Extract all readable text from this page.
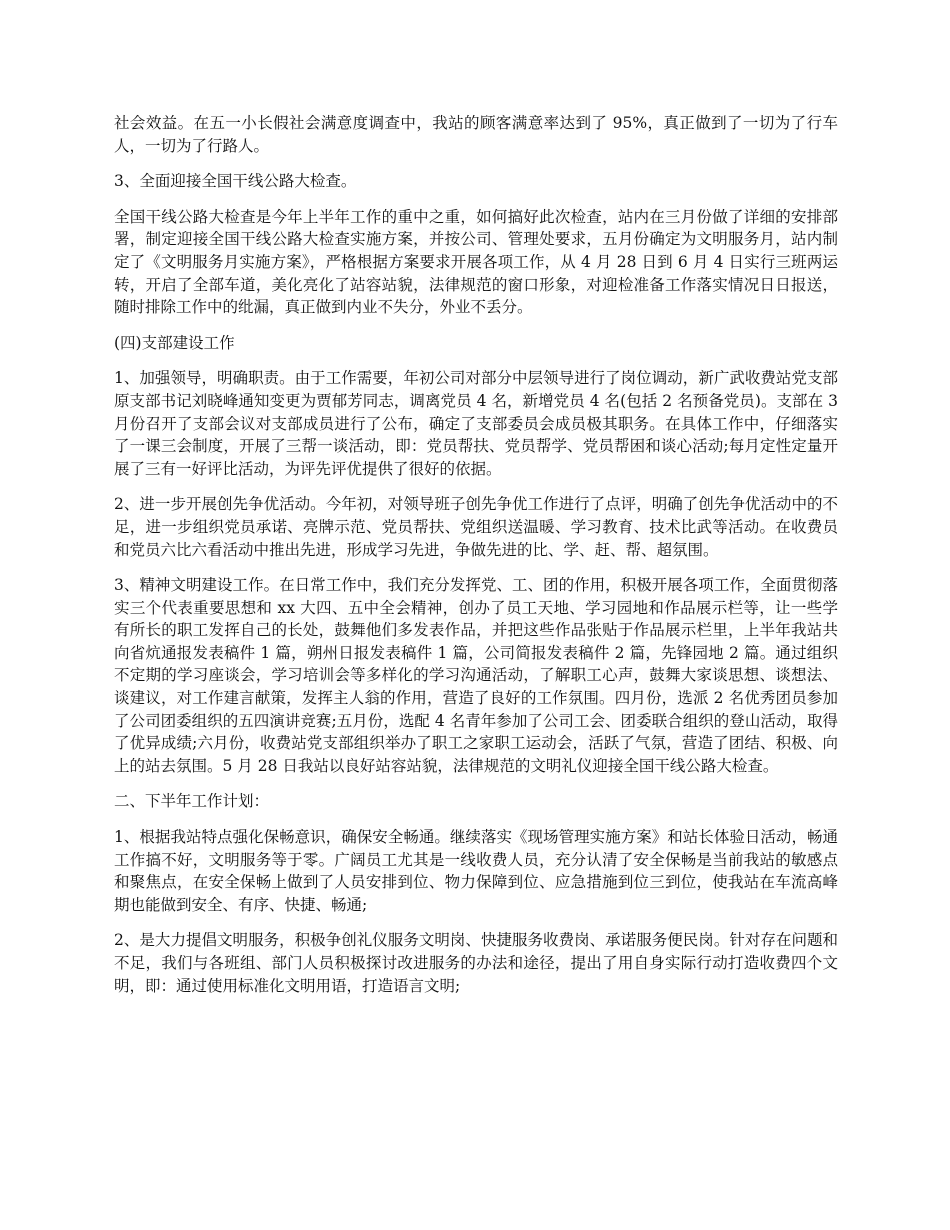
社会效益。在五一小长假社会满意度调查中，我站的顾客满意率达到了 95%，真正做到了一切为了行车人，一切为了行路人。

3、全面迎接全国干线公路大检查。

全国干线公路大检查是今年上半年工作的重中之重，如何搞好此次检查，站内在三月份做了详细的安排部署，制定迎接全国干线公路大检查实施方案，并按公司、管理处要求，五月份确定为文明服务月，站内制定了《文明服务月实施方案》，严格根据方案要求开展各项工作，从 4 月 28 日到 6 月 4 日实行三班两运转，开启了全部车道，美化亮化了站容站貌，法律规范的窗口形象，对迎检准备工作落实情况日日报送，随时排除工作中的纰漏，真正做到内业不失分，外业不丢分。

(四)支部建设工作

1、加强领导，明确职责。由于工作需要，年初公司对部分中层领导进行了岗位调动，新广武收费站党支部原支部书记刘晓峰通知变更为贾郁芳同志，调离党员 4 名，新增党员 4 名(包括 2 名预备党员)。支部在 3 月份召开了支部会议对支部成员进行了公布，确定了支部委员会成员极其职务。在具体工作中，仔细落实了一课三会制度，开展了三帮一谈活动，即：党员帮扶、党员帮学、党员帮困和谈心活动;每月定性定量开展了三有一好评比活动，为评先评优提供了很好的依据。

2、进一步开展创先争优活动。今年初，对领导班子创先争优工作进行了点评，明确了创先争优活动中的不足，进一步组织党员承诺、亮牌示范、党员帮扶、党组织送温暖、学习教育、技术比武等活动。在收费员和党员六比六看活动中推出先进，形成学习先进，争做先进的比、学、赶、帮、超氛围。

3、精神文明建设工作。在日常工作中，我们充分发挥党、工、团的作用，积极开展各项工作，全面贯彻落实三个代表重要思想和 xx 大四、五中全会精神，创办了员工天地、学习园地和作品展示栏等，让一些学有所长的职工发挥自己的长处，鼓舞他们多发表作品，并把这些作品张贴于作品展示栏里，上半年我站共向省炕通报发表稿件 1 篇，朔州日报发表稿件 1 篇，公司简报发表稿件 2 篇，先锋园地 2 篇。通过组织不定期的学习座谈会，学习培训会等多样化的学习沟通活动，了解职工心声，鼓舞大家谈思想、谈想法、谈建议，对工作建言献策，发挥主人翁的作用，营造了良好的工作氛围。四月份，选派 2 名优秀团员参加了公司团委组织的五四演讲竞赛;五月份，选配 4 名青年参加了公司工会、团委联合组织的登山活动，取得了优异成绩;六月份，收费站党支部组织举办了职工之家职工运动会，活跃了气氛，营造了团结、积极、向上的站去氛围。5 月 28 日我站以良好站容站貌，法律规范的文明礼仪迎接全国干线公路大检查。

二、下半年工作计划：

1、根据我站特点强化保畅意识，确保安全畅通。继续落实《现场管理实施方案》和站长体验日活动，畅通工作搞不好，文明服务等于零。广阔员工尤其是一线收费人员，充分认清了安全保畅是当前我站的敏感点和聚焦点，在安全保畅上做到了人员安排到位、物力保障到位、应急措施到位三到位，使我站在车流高峰期也能做到安全、有序、快捷、畅通;

2、是大力提倡文明服务，积极争创礼仪服务文明岗、快捷服务收费岗、承诺服务便民岗。针对存在问题和不足，我们与各班组、部门人员积极探讨改进服务的办法和途径，提出了用自身实际行动打造收费四个文明，即：通过使用标准化文明用语，打造语言文明;
